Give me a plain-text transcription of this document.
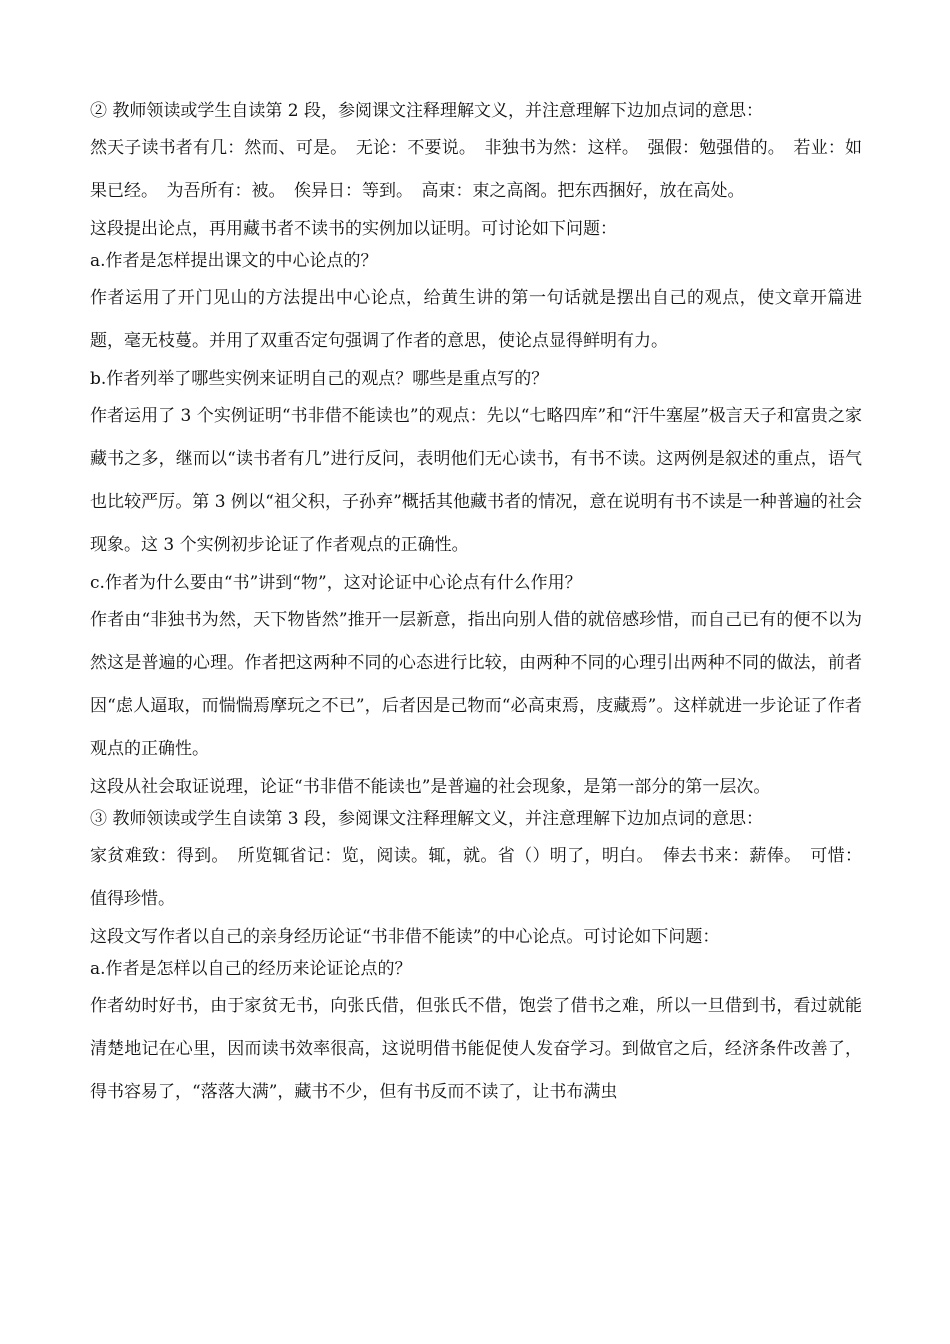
② 教师领读或学生自读第 2 段，参阅课文注释理解文义，并注意理解下边加点词的意思：

然天子读书者有几：然而、可是。　无论：不要说。　非独书为然：这样。　强假：勉强借的。　若业：如果已经。　为吾所有：被。　俟异日：等到。　高束：束之高阁。把东西捆好，放在高处。

这段提出论点，再用藏书者不读书的实例加以证明。可讨论如下问题：

a.作者是怎样提出课文的中心论点的？

作者运用了开门见山的方法提出中心论点，给黄生讲的第一句话就是摆出自己的观点，使文章开篇进题，毫无枝蔓。并用了双重否定句强调了作者的意思，使论点显得鲜明有力。

b.作者列举了哪些实例来证明自己的观点？哪些是重点写的？

作者运用了 3 个实例证明“书非借不能读也”的观点：先以“七略四库”和“汗牛塞屋”极言天子和富贵之家藏书之多，继而以“读书者有几”进行反问，表明他们无心读书，有书不读。这两例是叙述的重点，语气也比较严厉。第 3 例以“祖父积，子孙弃”概括其他藏书者的情况，意在说明有书不读是一种普遍的社会现象。这 3 个实例初步论证了作者观点的正确性。

c.作者为什么要由“书”讲到“物”，这对论证中心论点有什么作用？

作者由“非独书为然，天下物皆然”推开一层新意，指出向别人借的就倍感珍惜，而自己已有的便不以为然这是普遍的心理。作者把这两种不同的心态进行比较，由两种不同的心理引出两种不同的做法，前者因“虑人逼取，而惴惴焉摩玩之不已”，后者因是己物而“必高束焉，庋藏焉”。这样就进一步论证了作者观点的正确性。

这段从社会取证说理，论证“书非借不能读也”是普遍的社会现象，是第一部分的第一层次。

③ 教师领读或学生自读第 3 段，参阅课文注释理解文义，并注意理解下边加点词的意思：

家贫难致：得到。　所览辄省记：览，阅读。辄，就。省（）明了，明白。　俸去书来：薪俸。　可惜：值得珍惜。

这段文写作者以自己的亲身经历论证“书非借不能读”的中心论点。可讨论如下问题：

a.作者是怎样以自己的经历来论证论点的？

作者幼时好书，由于家贫无书，向张氏借，但张氏不借，饱尝了借书之难，所以一旦借到书，看过就能清楚地记在心里，因而读书效率很高，这说明借书能促使人发奋学习。到做官之后，经济条件改善了，得书容易了，“落落大满”，藏书不少，但有书反而不读了，让书布满虫
